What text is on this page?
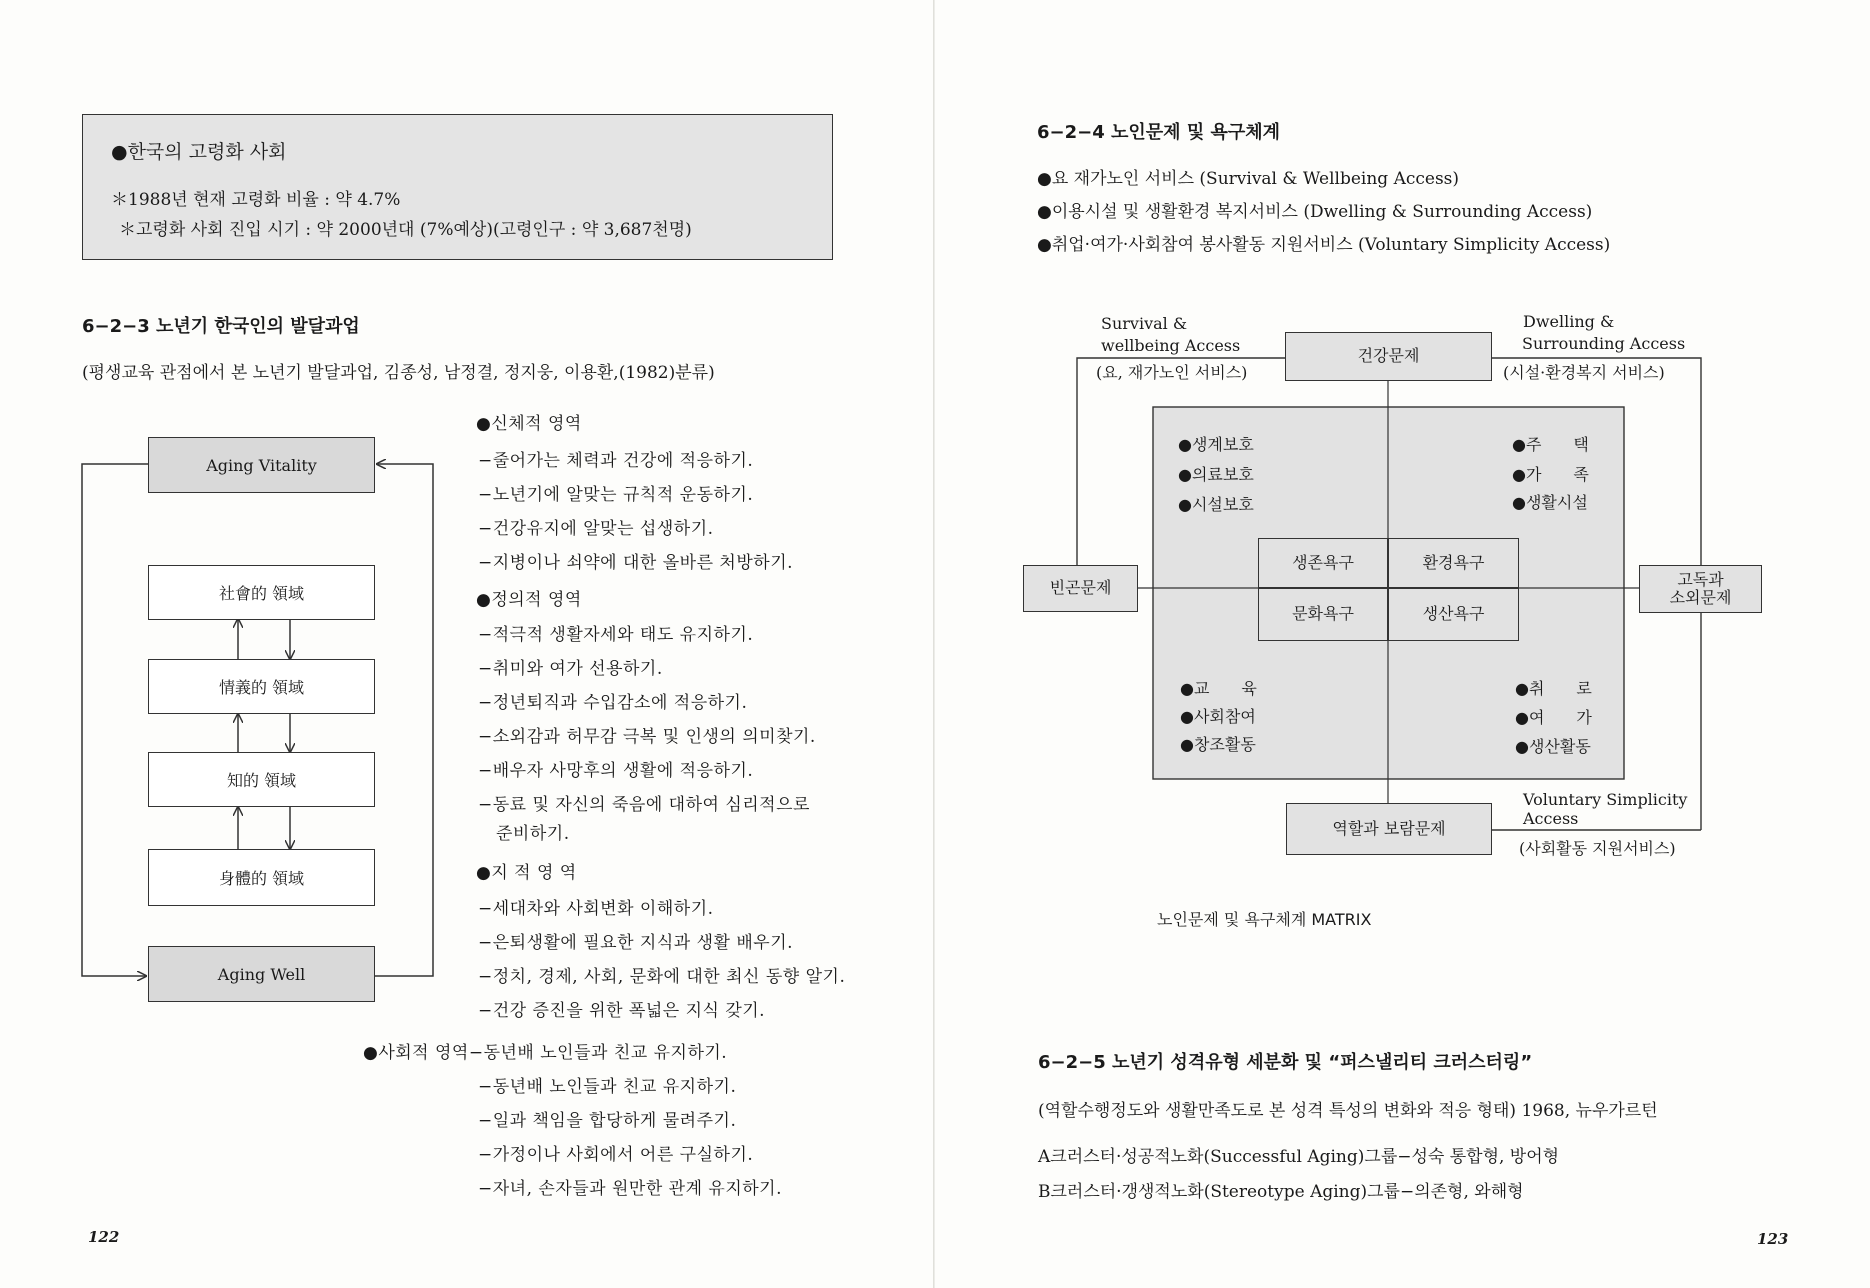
●한국의 고령화 사회
＊1988년 현재 고령화 비율 : 약 4.7%
＊고령화 사회 진입 시기 : 약 2000년대 (7%예상)(고령인구 : 약 3,687천명)
6−2−3 노년기 한국인의 발달과업
(평생교육 관점에서 본 노년기 발달과업, 김종성, 남정결, 정지웅, 이용환,(1982)분류)
Aging Vitality
社會的 領域
情義的 領域
知的 領域
身體的 領域
Aging Well
●신체적 영역
−줄어가는 체력과 건강에 적응하기.
−노년기에 알맞는 규칙적 운동하기.
−건강유지에 알맞는 섭생하기.
−지병이나 쇠약에 대한 올바른 처방하기.
●정의적 영역
−적극적 생활자세와 태도 유지하기.
−취미와 여가 선용하기.
−정년퇴직과 수입감소에 적응하기.
−소외감과 허무감 극복 및 인생의 의미찾기.
−배우자 사망후의 생활에 적응하기.
−동료 및 자신의 죽음에 대하여 심리적으로
준비하기.
●지 적 영 역
−세대차와 사회변화 이해하기.
−은퇴생활에 필요한 지식과 생활 배우기.
−정치, 경제, 사회, 문화에 대한 최신 동향 알기.
−건강 증진을 위한 폭넓은 지식 갖기.
●사회적 영역−동년배 노인들과 친교 유지하기.
−동년배 노인들과 친교 유지하기.
−일과 책임을 합당하게 물려주기.
−가정이나 사회에서 어른 구실하기.
−자녀, 손자들과 원만한 관계 유지하기.
122
6−2−4 노인문제 및 욕구체계
●요 재가노인 서비스 (Survival & Wellbeing Access)
●이용시설 및 생활환경 복지서비스 (Dwelling & Surrounding Access)
●취업·여가·사회참여 봉사활동 지원서비스 (Voluntary Simplicity Access)
건강문제
빈곤문제	고독과
소외문제
역할과 보람문제
생존욕구	환경욕구
문화욕구	생산욕구
Survival &
wellbeing Access
(요, 재가노인 서비스)
Dwelling &
Surrounding Access
(시설·환경복지 서비스)
Voluntary Simplicity
Access
(사회활동 지원서비스)
●생계보호
●의료보호
●시설보호
●주　　택
●가　　족
●생활시설
●교　　육
●사회참여
●창조활동
●취　　로
●여　　가
●생산활동
노인문제 및 욕구체계 MATRIX
6−2−5 노년기 성격유형 세분화 및 “퍼스낼리티 크러스터링”
(역할수행정도와 생활만족도로 본 성격 특성의 변화와 적응 형태) 1968, 뉴우가르턴
A크러스터·성공적노화(Successful Aging)그룹−성숙 통합형, 방어형
B크러스터·갱생적노화(Stereotype Aging)그룹−의존형, 와해형
123
